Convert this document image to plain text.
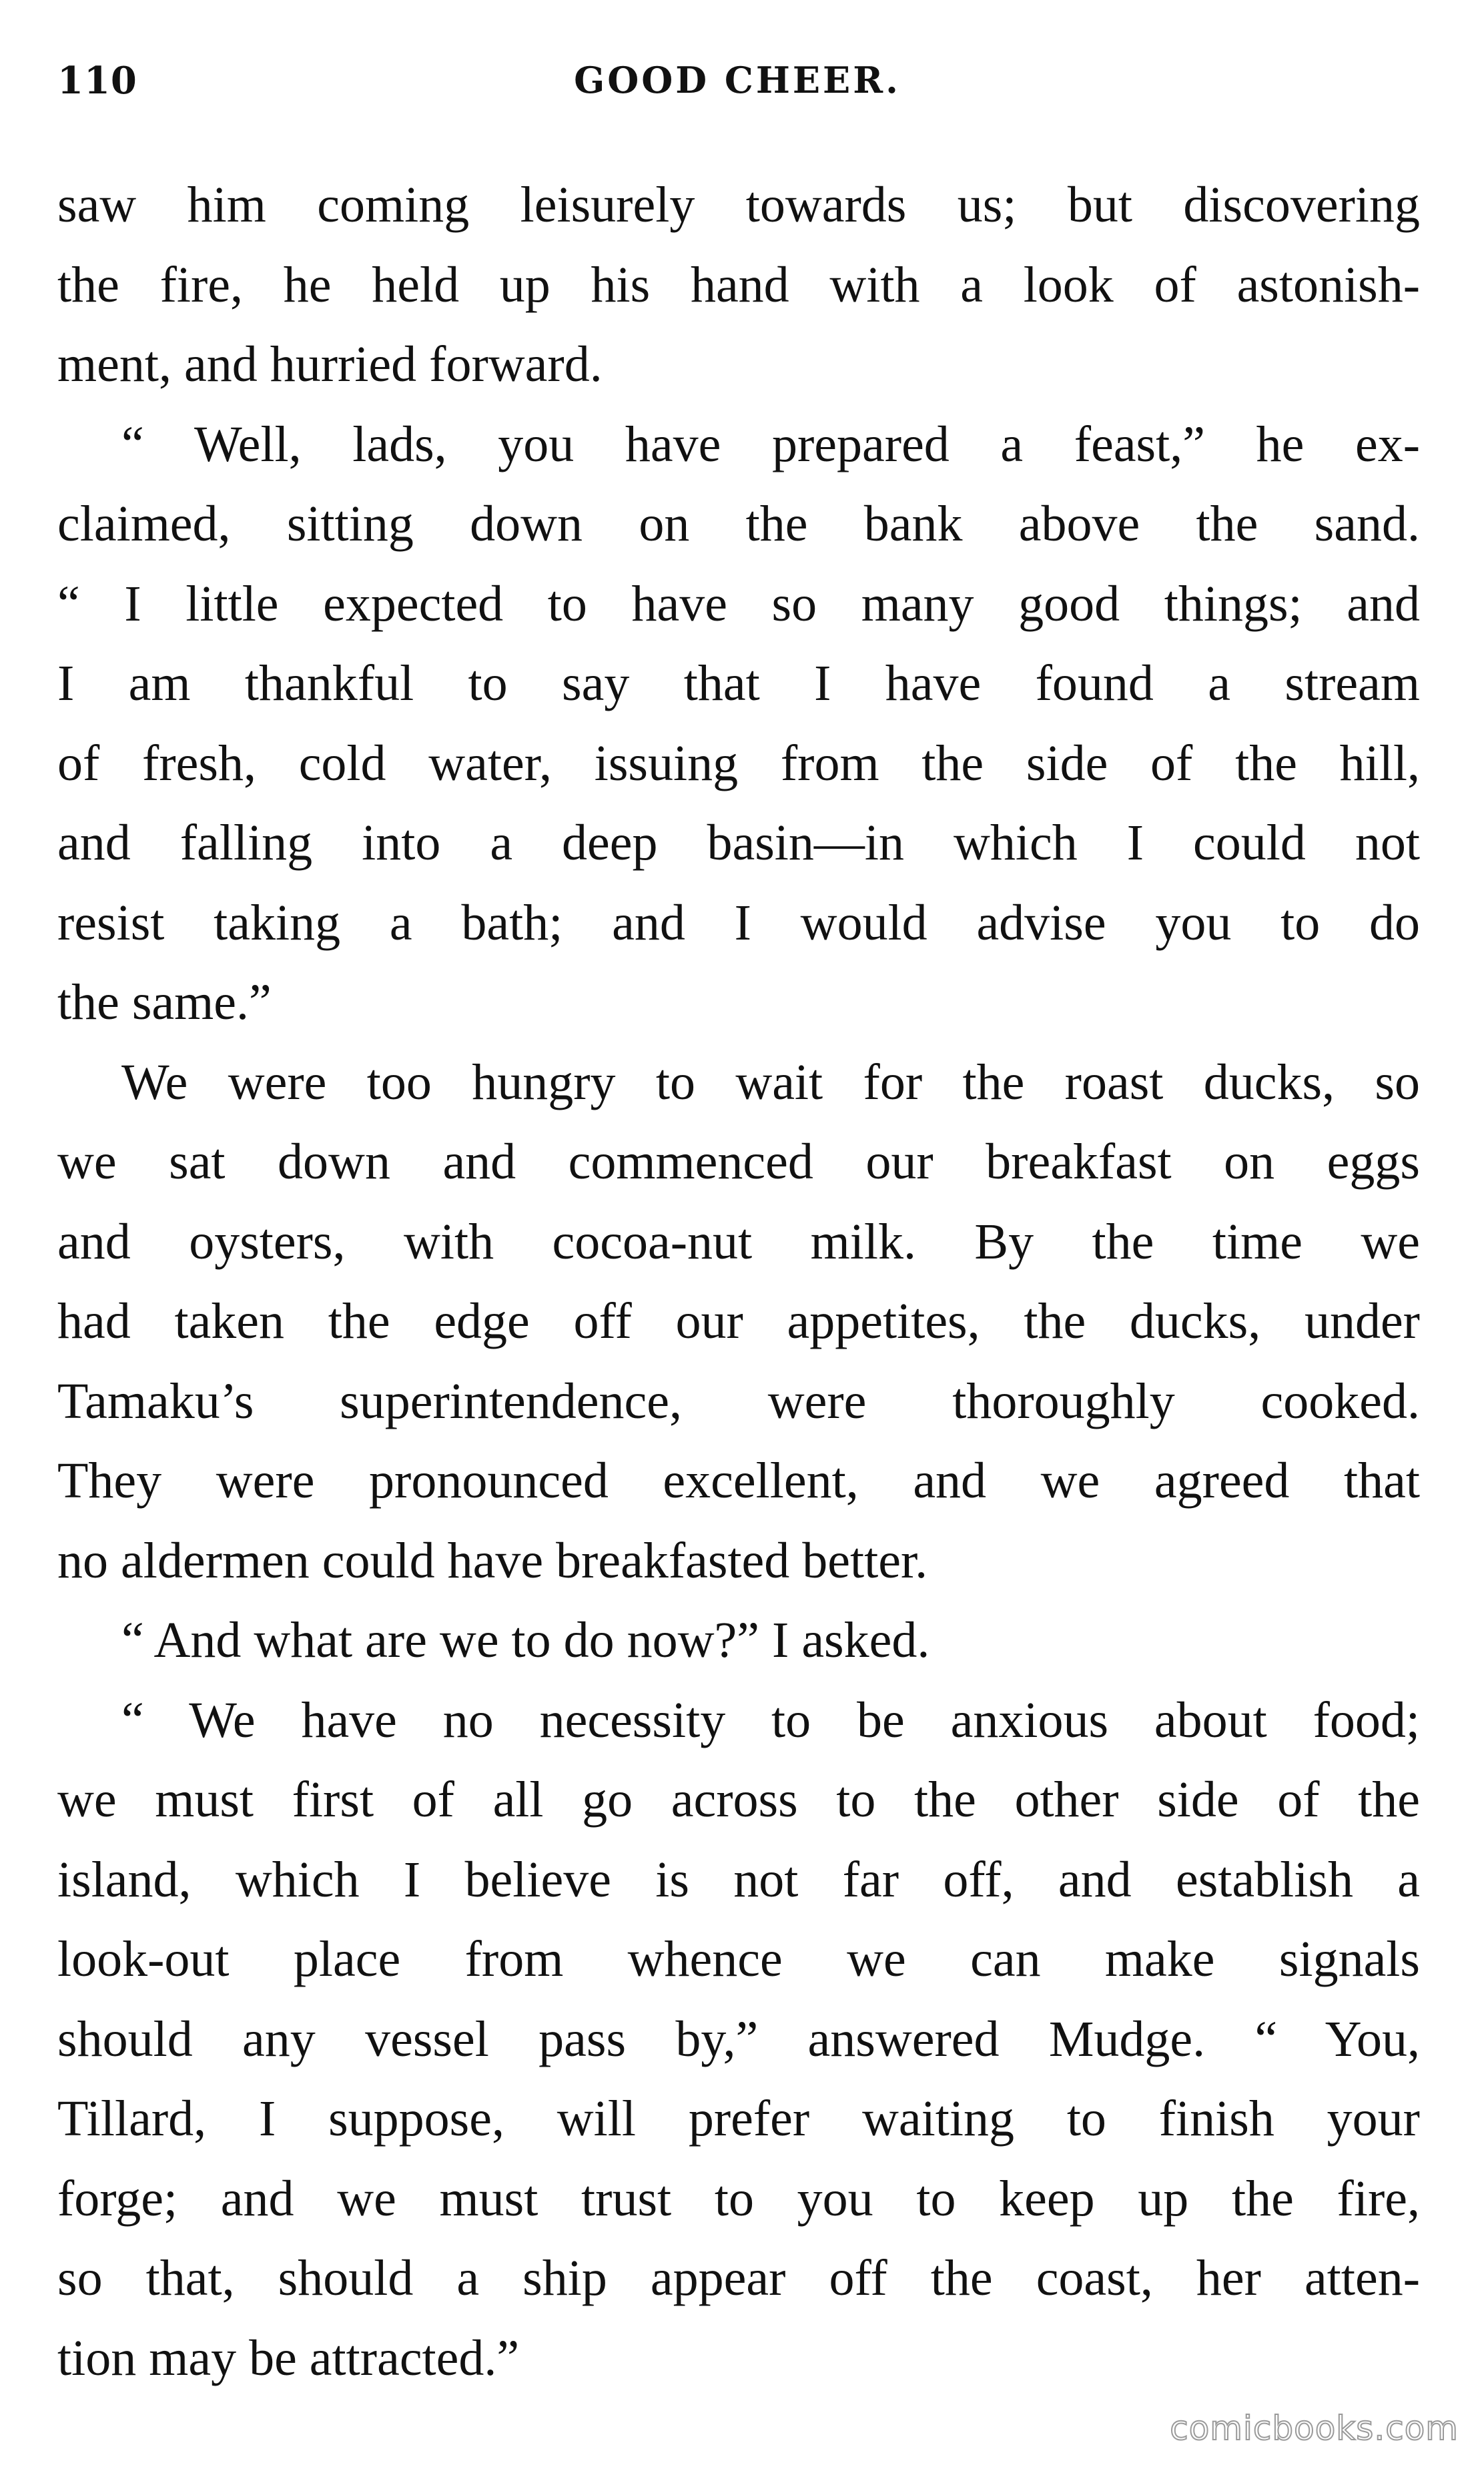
110	GOOD CHEER.
saw him coming leisurely towards us; but discovering
the fire, he held up his hand with a look of astonish-
ment, and hurried forward.
“ Well, lads, you have prepared a feast,” he ex-
claimed, sitting down on the bank above the sand.
“ I little expected to have so many good things; and
I am thankful to say that I have found a stream
of fresh, cold water, issuing from the side of the hill,
and falling into a deep basin—in which I could not
resist taking a bath; and I would advise you to do
the same.”
We were too hungry to wait for the roast ducks, so
we sat down and commenced our breakfast on eggs
and oysters, with cocoa-nut milk. By the time we
had taken the edge off our appetites, the ducks, under
Tamaku’s superintendence, were thoroughly cooked.
They were pronounced excellent, and we agreed that
no aldermen could have breakfasted better.
“ And what are we to do now?” I asked.
“ We have no necessity to be anxious about food;
we must first of all go across to the other side of the
island, which I believe is not far off, and establish a
look-out place from whence we can make signals
should any vessel pass by,” answered Mudge. “ You,
Tillard, I suppose, will prefer waiting to finish your
forge; and we must trust to you to keep up the fire,
so that, should a ship appear off the coast, her atten-
tion may be attracted.”
comicbooks.com
